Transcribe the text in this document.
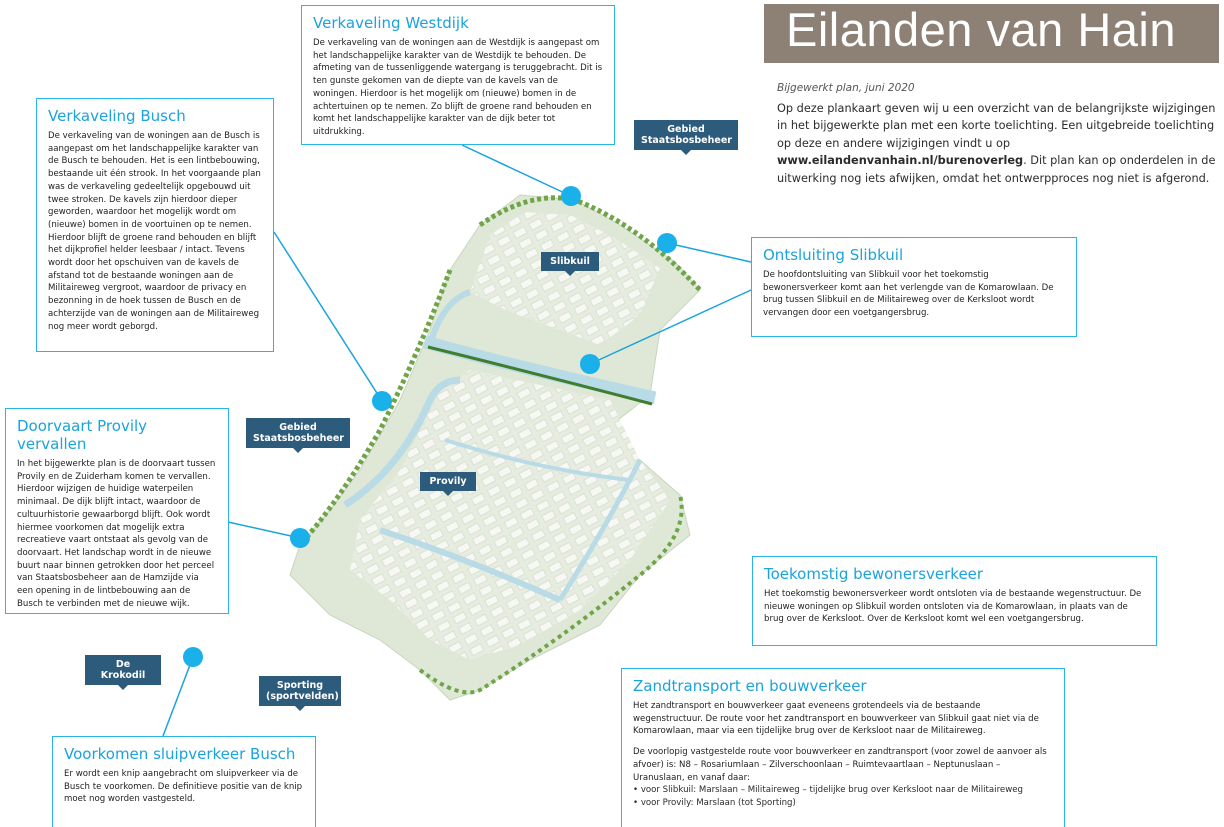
Eilanden van Hain
Bijgewerkt plan, juni 2020
Op deze plankaart geven wij u een overzicht van de belangrijkste wijzigingen in het bijgewerkte plan met een korte toelichting. Een uitgebreide toelichting op deze en andere wijzigingen vindt u op www.eilandenvanhain.nl/burenoverleg. Dit plan kan op onderdelen in de uitwerking nog iets afwijken, omdat het ontwerpproces nog niet is afgerond.
Verkaveling Westdijk

De verkaveling van de woningen aan de Westdijk is aangepast om het landschappelijke karakter van de Westdijk te behouden. De afmeting van de tussenliggende watergang is teruggebracht. Dit is ten gunste gekomen van de diepte van de kavels van de woningen. Hierdoor is het mogelijk om (nieuwe) bomen in de achtertuinen op te nemen. Zo blijft de groene rand behouden en komt het landschappelijke karakter van de dijk beter tot uitdrukking.

Verkaveling Busch

De verkaveling van de woningen aan de Busch is aangepast om het landschappelijke karakter van de Busch te behouden. Het is een lintbebouwing, bestaande uit één strook. In het voorgaande plan was de verkaveling gedeeltelijk opgebouwd uit twee stroken. De kavels zijn hierdoor dieper geworden, waardoor het mogelijk wordt om (nieuwe) bomen in de voortuinen op te nemen. Hierdoor blijft de groene rand behouden en blijft het dijkprofiel helder leesbaar / intact. Tevens wordt door het opschuiven van de kavels de afstand tot de bestaande woningen aan de Militaireweg vergroot, waardoor de privacy en bezonning in de hoek tussen de Busch en de achterzijde van de woningen aan de Militaireweg nog meer wordt geborgd.

Ontsluiting Slibkuil

De hoofdontsluiting van Slibkuil voor het toekomstig bewonersverkeer komt aan het verlengde van de Komarowlaan. De brug tussen Slibkuil en de Militaireweg over de Kerksloot wordt vervangen door een voetgangersbrug.

Doorvaart Provily vervallen

In het bijgewerkte plan is de doorvaart tussen Provily en de Zuiderham komen te vervallen. Hierdoor wijzigen de huidige waterpeilen minimaal. De dijk blijft intact, waardoor de cultuurhistorie gewaarborgd blijft. Ook wordt hiermee voorkomen dat mogelijk extra recreatieve vaart ontstaat als gevolg van de doorvaart. Het landschap wordt in de nieuwe buurt naar binnen getrokken door het perceel van Staatsbosbeheer aan de Hamzijde via een opening in de lintbebouwing aan de Busch te verbinden met de nieuwe wijk.

Toekomstig bewonersverkeer

Het toekomstig bewonersverkeer wordt ontsloten via de bestaande wegenstructuur. De nieuwe woningen op Slibkuil worden ontsloten via de Komarowlaan, in plaats van de brug over de Kerksloot. Over de Kerksloot komt wel een voetgangersbrug.

Zandtransport en bouwverkeer

Het zandtransport en bouwverkeer gaat eveneens grotendeels via de bestaande wegenstructuur. De route voor het zandtransport en bouwverkeer van Slibkuil gaat niet via de Komarowlaan, maar via een tijdelijke brug over de Kerksloot naar de Militaireweg.

De voorlopig vastgestelde route voor bouwverkeer en zandtransport (voor zowel de aanvoer als afvoer) is: N8 – Rosariumlaan – Zilverschoonlaan – Ruimtevaartlaan – Neptunuslaan – Uranuslaan, en vanaf daar:

• voor Slibkuil: Marslaan – Militaireweg – tijdelijke brug over Kerksloot naar de Militaireweg
• voor Provily: Marslaan (tot Sporting)
Voorkomen sluipverkeer Busch

Er wordt een knip aangebracht om sluipverkeer via de Busch te voorkomen. De definitieve positie van de knip moet nog worden vastgesteld.

Gebied Staatsbosbeheer
Gebied Staatsbosbeheer
Slibkuil
Provily
De Krokodil
Sporting (sportvelden)
